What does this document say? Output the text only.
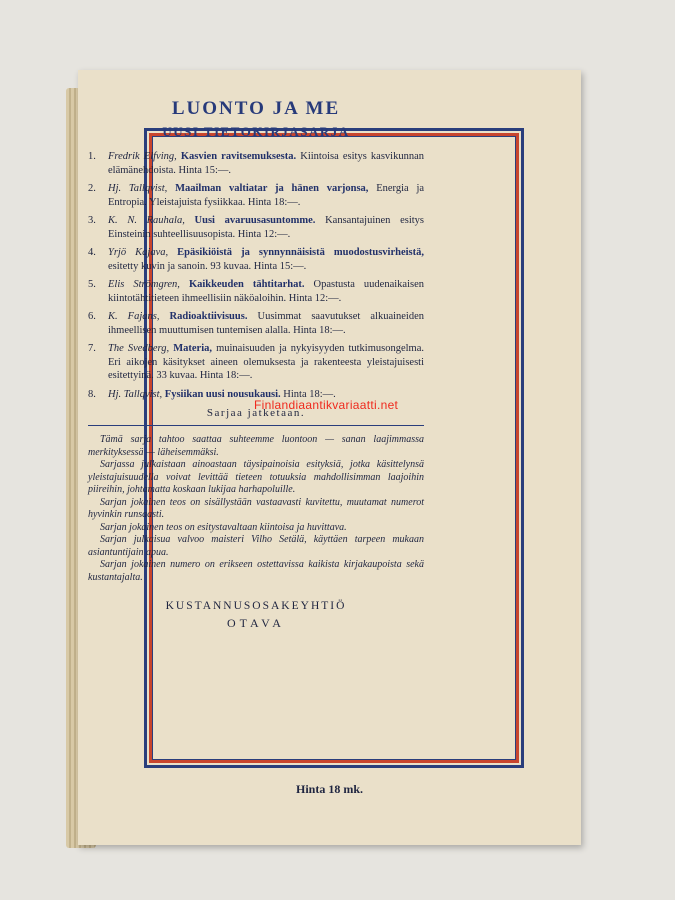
Hinta 18 mk.
LUONTO JA ME
UUSI TIETOKIRJASARJA
1.	Fredrik Elfving, Kasvien ravitsemuksesta. Kiintoisa esitys kasvikunnan elämänehdoista. Hinta 15:—.
2.	Hj. Tallqvist, Maailman valtiatar ja hänen varjonsa, Energia ja Entropia. Yleistajuista fysiikkaa. Hinta 18:—.
3.	K. N. Rauhala, Uusi avaruusasuntomme. Kansantajuinen esitys Einsteinin suhteellisuusopista. Hinta 12:—.
4.	Yrjö Kajava, Epäsikiöistä ja synnynnäisistä muodostusvirheistä, esitetty kuvin ja sanoin. 93 kuvaa. Hinta 15:—.
5.	Elis Strömgren, Kaikkeuden tähtitarhat. Opastusta uudenaikaisen kiintotähtitieteen ihmeellisiin näköaloihin. Hinta 12:—.
6.	K. Fajans, Radioaktiivisuus. Uusimmat saavutukset alkuaineiden ihmeellisen muuttumisen tuntemisen alalla. Hinta 18:—.
7.	The Svedberg, Materia, muinaisuuden ja nykyisyyden tutkimusongelma. Eri aikojen käsitykset aineen olemuksesta ja rakenteesta yleistajuisesti esitettyinä. 33 kuvaa. Hinta 18:—.
8.	Hj. Tallqvist, Fysiikan uusi nousukausi. Hinta 18:—.
Sarjaa jatketaan.

Tämä sarja tahtoo saattaa suhteemme luontoon — sanan laajimmassa merkityksessä — läheisemmäksi.

Sarjassa julkaistaan ainoastaan täysipainoisia esityksiä, jotka käsittelynsä yleistajuisuudella voivat levittää tieteen totuuksia mahdollisimman laajoihin piireihin, johtamatta koskaan lukijaa harhapoluille.

Sarjan jokainen teos on sisällystään vastaavasti kuvitettu, muutamat numerot hyvinkin runsaasti.

Sarjan jokainen teos on esitystavaltaan kiintoisa ja huvittava.

Sarjan julkaisua valvoo maisteri Vilho Setälä, käyttäen tarpeen mukaan asiantuntijain apua.

Sarjan jokainen numero on erikseen ostettavissa kaikista kirjakaupoista sekä kustantajalta.

KUSTANNUSOSAKEYHTIÖ
OTAVA
Finlandiaantikvariaatti.net
